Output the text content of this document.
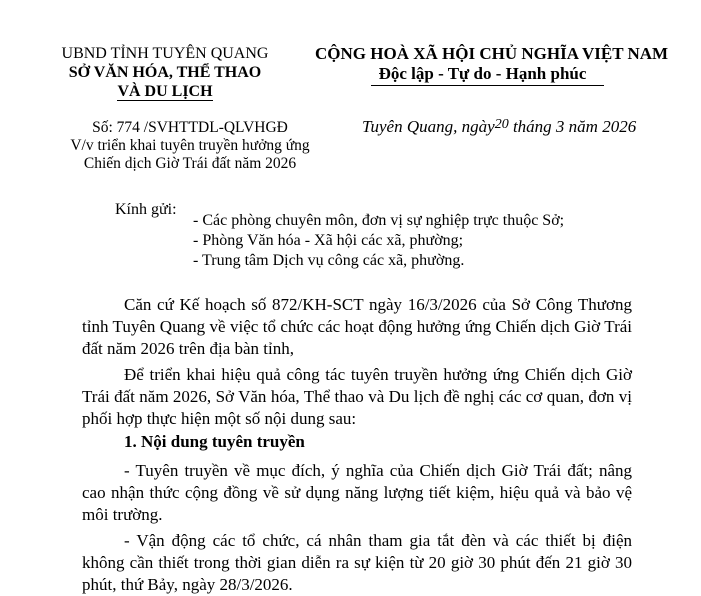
UBND TỈNH TUYÊN QUANG
SỞ VĂN HÓA, THỂ THAO
VÀ DU LỊCH
CỘNG HOÀ XÃ HỘI CHỦ NGHĨA VIỆT NAM
Độc lập - Tự do - Hạnh phúc
Số: 774 /SVHTTDL-QLVHGĐ
V/v triển khai tuyên truyền hưởng ứng
Chiến dịch Giờ Trái đất năm 2026
Tuyên Quang, ngày$^{20}$ tháng 3 năm 2026
Kính gửi:
- Các phòng chuyên môn, đơn vị sự nghiệp trực thuộc Sở;
- Phòng Văn hóa - Xã hội các xã, phường;
- Trung tâm Dịch vụ công các xã, phường.
Căn cứ Kế hoạch số 872/KH-SCT ngày 16/3/2026 của Sở Công Thương tỉnh Tuyên Quang về việc tổ chức các hoạt động hưởng ứng Chiến dịch Giờ Trái đất năm 2026 trên địa bàn tỉnh,
Để triển khai hiệu quả công tác tuyên truyền hưởng ứng Chiến dịch Giờ Trái đất năm 2026, Sở Văn hóa, Thể thao và Du lịch đề nghị các cơ quan, đơn vị phối hợp thực hiện một số nội dung sau:
1. Nội dung tuyên truyền
- Tuyên truyền về mục đích, ý nghĩa của Chiến dịch Giờ Trái đất; nâng cao nhận thức cộng đồng về sử dụng năng lượng tiết kiệm, hiệu quả và bảo vệ môi trường.
- Vận động các tổ chức, cá nhân tham gia tắt đèn và các thiết bị điện không cần thiết trong thời gian diễn ra sự kiện từ 20 giờ 30 phút đến 21 giờ 30 phút, thứ Bảy, ngày 28/3/2026.
